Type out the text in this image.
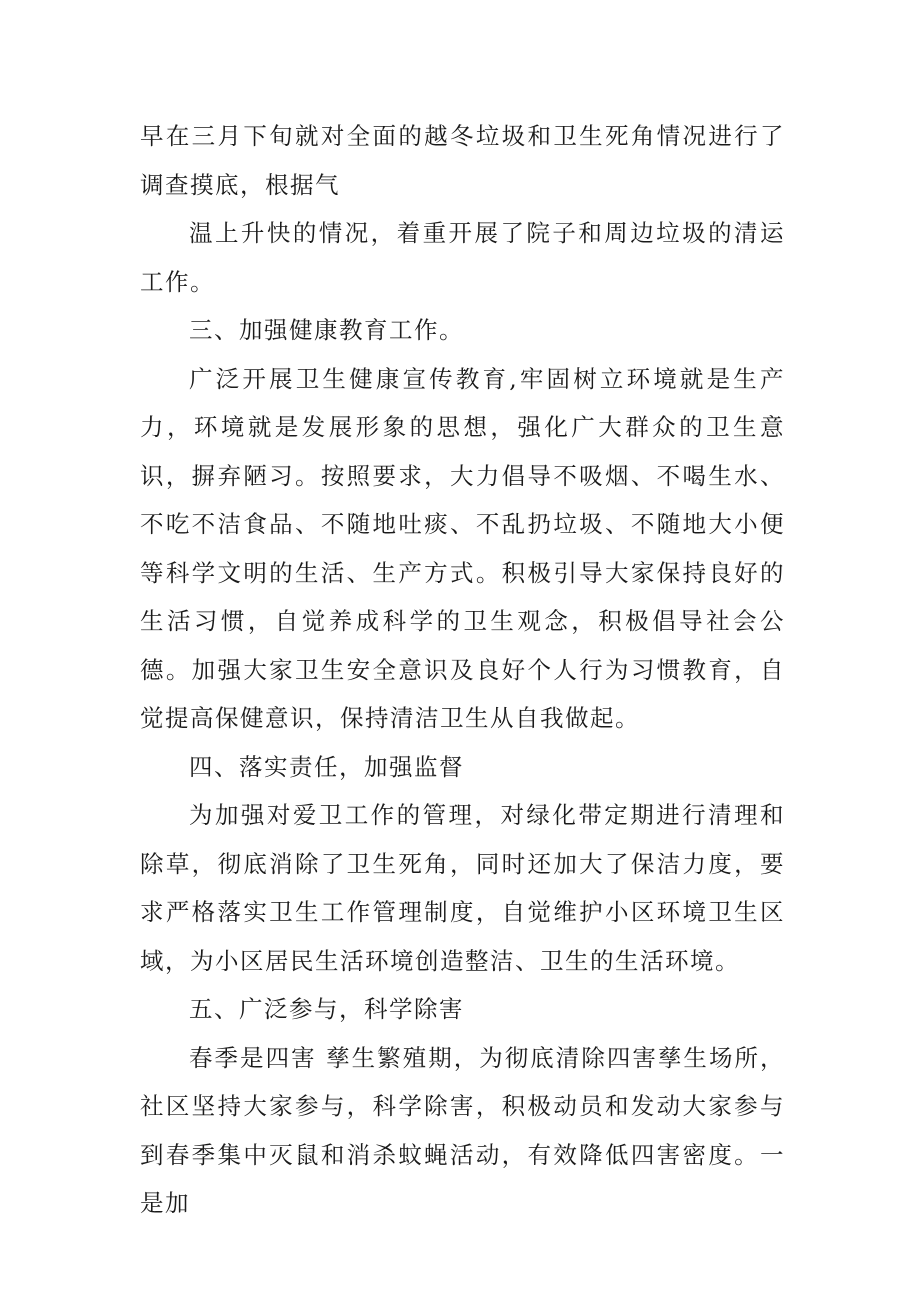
早在三月下旬就对全面的越冬垃圾和卫生死角情况进行了调查摸底，根据气

温上升快的情况，着重开展了院子和周边垃圾的清运工作。

三、加强健康教育工作。

广泛开展卫生健康宣传教育,牢固树立环境就是生产力，环境就是发展形象的思想，强化广大群众的卫生意识，摒弃陋习。按照要求，大力倡导不吸烟、不喝生水、不吃不洁食品、不随地吐痰、不乱扔垃圾、不随地大小便等科学文明的生活、生产方式。积极引导大家保持良好的生活习惯，自觉养成科学的卫生观念，积极倡导社会公德。加强大家卫生安全意识及良好个人行为习惯教育，自觉提高保健意识，保持清洁卫生从自我做起。

四、落实责任，加强监督

为加强对爱卫工作的管理，对绿化带定期进行清理和除草，彻底消除了卫生死角，同时还加大了保洁力度，要求严格落实卫生工作管理制度，自觉维护小区环境卫生区域，为小区居民生活环境创造整洁、卫生的生活环境。

五、广泛参与，科学除害

春季是四害 孳生繁殖期，为彻底清除四害孳生场所，社区坚持大家参与，科学除害，积极动员和发动大家参与到春季集中灭鼠和消杀蚊蝇活动，有效降低四害密度。一是加
